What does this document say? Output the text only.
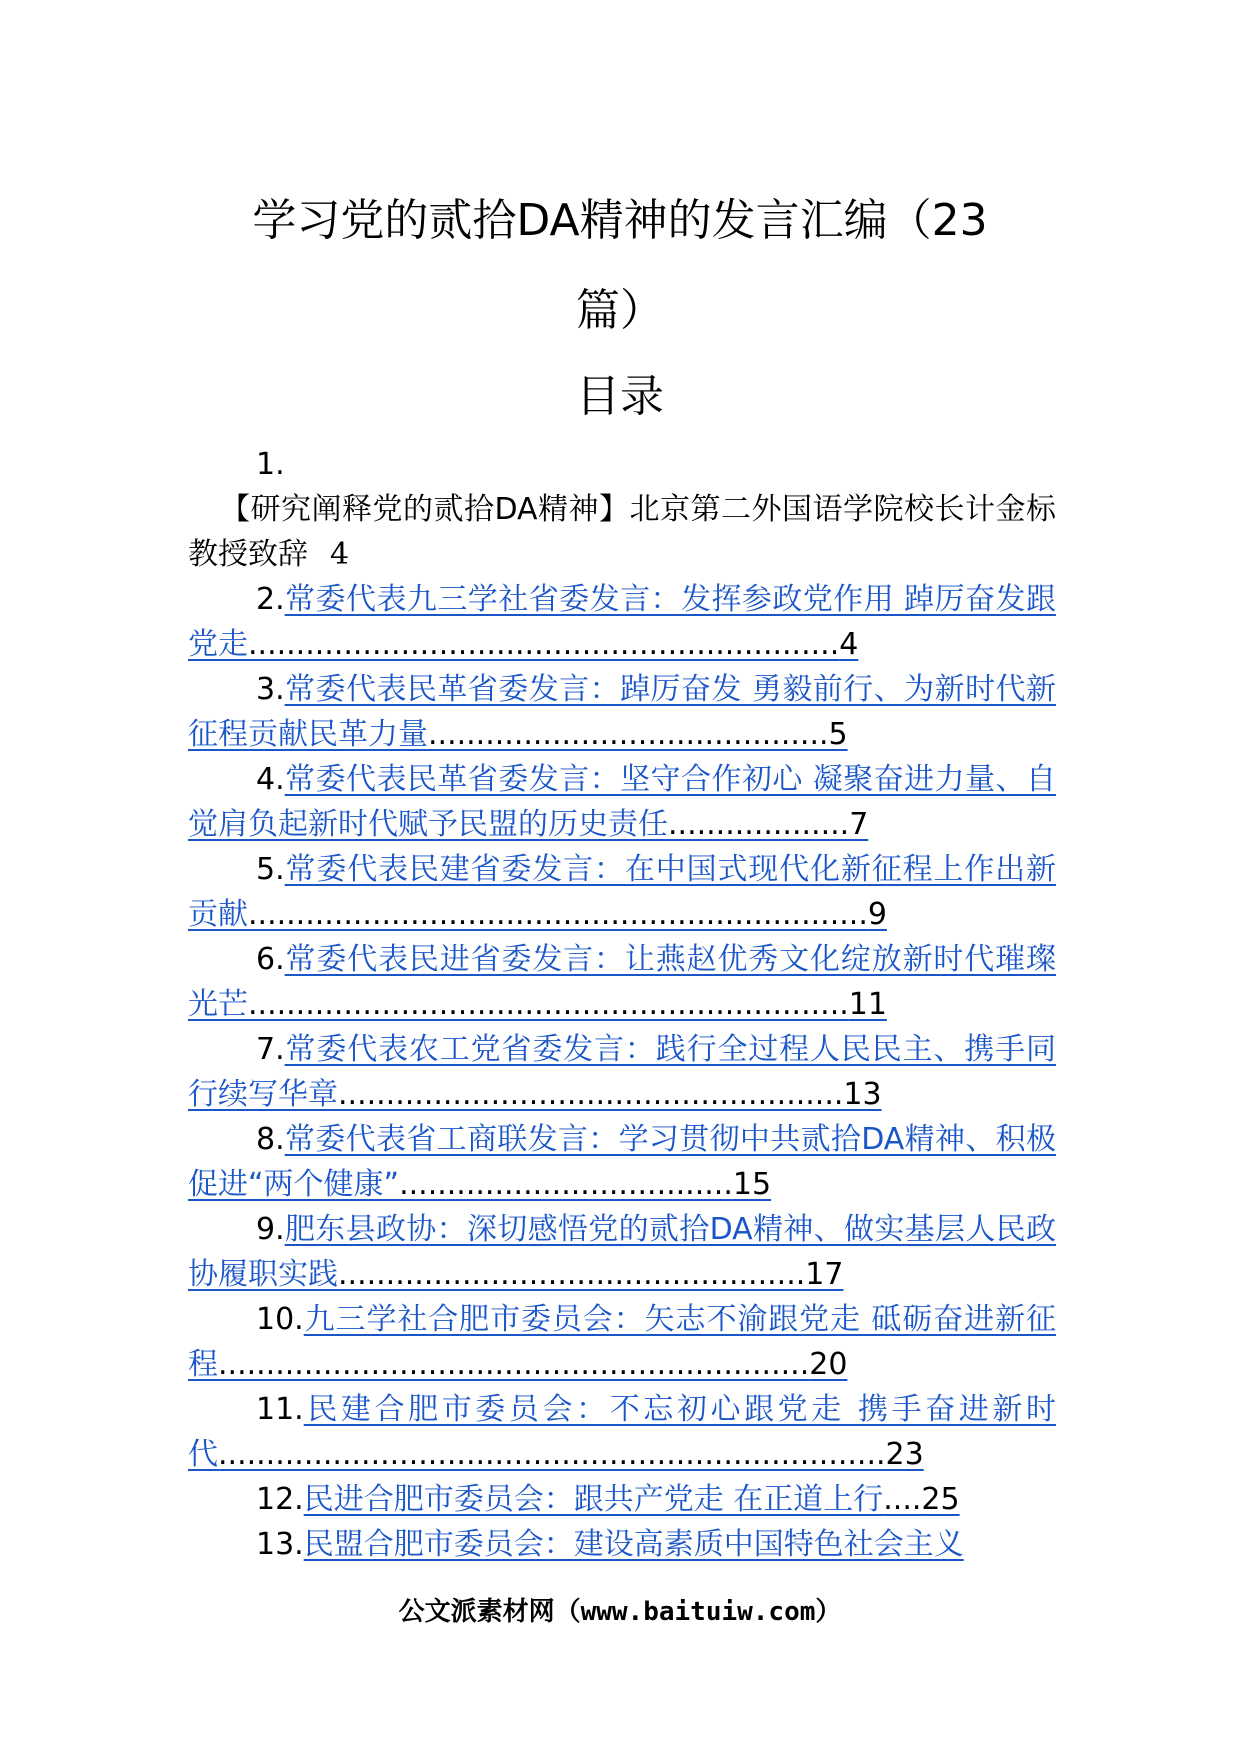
学习党的贰拾DA精神的发言汇编（23篇）
目录
1.
【研究阐释党的贰拾DA精神】北京第二外国语学院校长计金标教授致辞 4
2.常委代表九三学社省委发言：发挥参政党作用 踔厉奋发跟党走..............................................................4
3.常委代表民革省委发言：踔厉奋发 勇毅前行、为新时代新征程贡献民革力量..........................................5
4.常委代表民革省委发言：坚守合作初心 凝聚奋进力量、自觉肩负起新时代赋予民盟的历史责任...................7
5.常委代表民建省委发言：在中国式现代化新征程上作出新贡献.................................................................9
6.常委代表民进省委发言：让燕赵优秀文化绽放新时代璀璨光芒...............................................................11
7.常委代表农工党省委发言：践行全过程人民民主、携手同行续写华章.....................................................13
8.常委代表省工商联发言：学习贯彻中共贰拾DA精神、积极促进“两个健康”...................................15
9.肥东县政协：深切感悟党的贰拾DA精神、做实基层人民政协履职实践.................................................17
10.九三学社合肥市委员会：矢志不渝跟党走 砥砺奋进新征程..............................................................20
11.民建合肥市委员会：不忘初心跟党走 携手奋进新时代......................................................................23
12.民进合肥市委员会：跟共产党走 在正道上行....25
13.民盟合肥市委员会：建设高素质中国特色社会主义
公文派素材网（www.baituiw.com）
